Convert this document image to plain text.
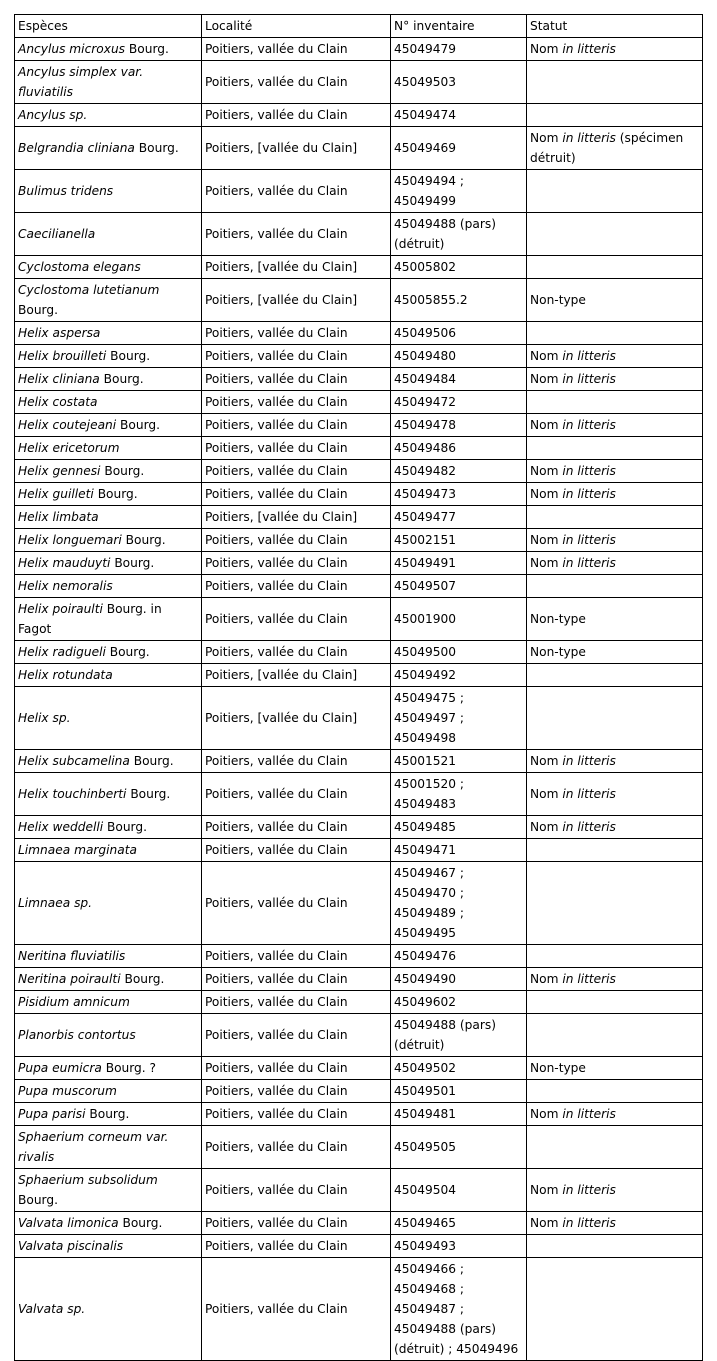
Espèces	Localité	N° inventaire	Statut
Ancylus microxus Bourg.	Poitiers, vallée du Clain	45049479	Nom in litteris
Ancylus simplex var. fluviatilis	Poitiers, vallée du Clain	45049503	
Ancylus sp.	Poitiers, vallée du Clain	45049474	
Belgrandia cliniana Bourg.	Poitiers, [vallée du Clain]	45049469	Nom in litteris (spécimen détruit)
Bulimus tridens	Poitiers, vallée du Clain	45049494 ; 45049499	
Caecilianella	Poitiers, vallée du Clain	45049488 (pars) (détruit)	
Cyclostoma elegans	Poitiers, [vallée du Clain]	45005802	
Cyclostoma lutetianum Bourg.	Poitiers, [vallée du Clain]	45005855.2	Non-type
Helix aspersa	Poitiers, vallée du Clain	45049506	
Helix brouilleti Bourg.	Poitiers, vallée du Clain	45049480	Nom in litteris
Helix cliniana Bourg.	Poitiers, vallée du Clain	45049484	Nom in litteris
Helix costata	Poitiers, vallée du Clain	45049472	
Helix coutejeani Bourg.	Poitiers, vallée du Clain	45049478	Nom in litteris
Helix ericetorum	Poitiers, vallée du Clain	45049486	
Helix gennesi Bourg.	Poitiers, vallée du Clain	45049482	Nom in litteris
Helix guilleti Bourg.	Poitiers, vallée du Clain	45049473	Nom in litteris
Helix limbata	Poitiers, [vallée du Clain]	45049477	
Helix longuemari Bourg.	Poitiers, vallée du Clain	45002151	Nom in litteris
Helix mauduyti Bourg.	Poitiers, vallée du Clain	45049491	Nom in litteris
Helix nemoralis	Poitiers, vallée du Clain	45049507	
Helix poiraulti Bourg. in Fagot	Poitiers, vallée du Clain	45001900	Non-type
Helix radigueli Bourg.	Poitiers, vallée du Clain	45049500	Non-type
Helix rotundata	Poitiers, [vallée du Clain]	45049492	
Helix sp.	Poitiers, [vallée du Clain]	45049475 ; 45049497 ; 45049498	
Helix subcamelina Bourg.	Poitiers, vallée du Clain	45001521	Nom in litteris
Helix touchinberti Bourg.	Poitiers, vallée du Clain	45001520 ; 45049483	Nom in litteris
Helix weddelli Bourg.	Poitiers, vallée du Clain	45049485	Nom in litteris
Limnaea marginata	Poitiers, vallée du Clain	45049471	
Limnaea sp.	Poitiers, vallée du Clain	45049467 ; 45049470 ; 45049489 ; 45049495	
Neritina fluviatilis	Poitiers, vallée du Clain	45049476	
Neritina poiraulti Bourg.	Poitiers, vallée du Clain	45049490	Nom in litteris
Pisidium amnicum	Poitiers, vallée du Clain	45049602	
Planorbis contortus	Poitiers, vallée du Clain	45049488 (pars) (détruit)	
Pupa eumicra Bourg. ?	Poitiers, vallée du Clain	45049502	Non-type
Pupa muscorum	Poitiers, vallée du Clain	45049501	
Pupa parisi Bourg.	Poitiers, vallée du Clain	45049481	Nom in litteris
Sphaerium corneum var. rivalis	Poitiers, vallée du Clain	45049505	
Sphaerium subsolidum Bourg.	Poitiers, vallée du Clain	45049504	Nom in litteris
Valvata limonica Bourg.	Poitiers, vallée du Clain	45049465	Nom in litteris
Valvata piscinalis	Poitiers, vallée du Clain	45049493	
Valvata sp.	Poitiers, vallée du Clain	45049466 ; 45049468 ; 45049487 ; 45049488 (pars) (détruit) ; 45049496	
